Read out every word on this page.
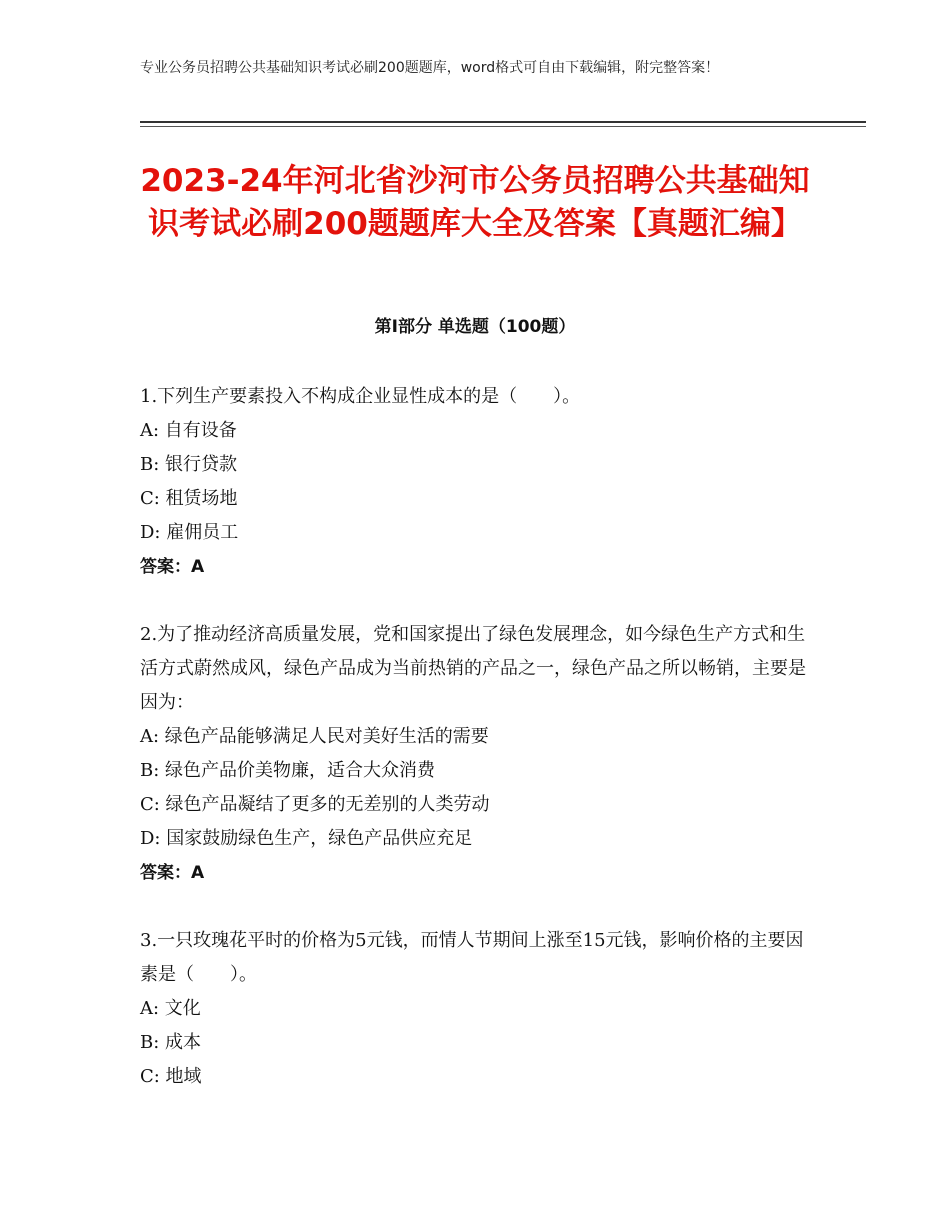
专业公务员招聘公共基础知识考试必刷200题题库，word格式可自由下载编辑，附完整答案！
2023-24年河北省沙河市公务员招聘公共基础知识考试必刷200题题库大全及答案【真题汇编】
第Ⅰ部分 单选题（100题）

1.下列生产要素投入不构成企业显性成本的是（　　）。

A: 自有设备

B: 银行贷款

C: 租赁场地

D: 雇佣员工

答案：A

2.为了推动经济高质量发展，党和国家提出了绿色发展理念，如今绿色生产方式和生活方式蔚然成风，绿色产品成为当前热销的产品之一，绿色产品之所以畅销，主要是因为：

A: 绿色产品能够满足人民对美好生活的需要

B: 绿色产品价美物廉，适合大众消费

C: 绿色产品凝结了更多的无差别的人类劳动

D: 国家鼓励绿色生产，绿色产品供应充足

答案：A

3.一只玫瑰花平时的价格为5元钱，而情人节期间上涨至15元钱，影响价格的主要因素是（　　）。

A: 文化

B: 成本

C: 地域
